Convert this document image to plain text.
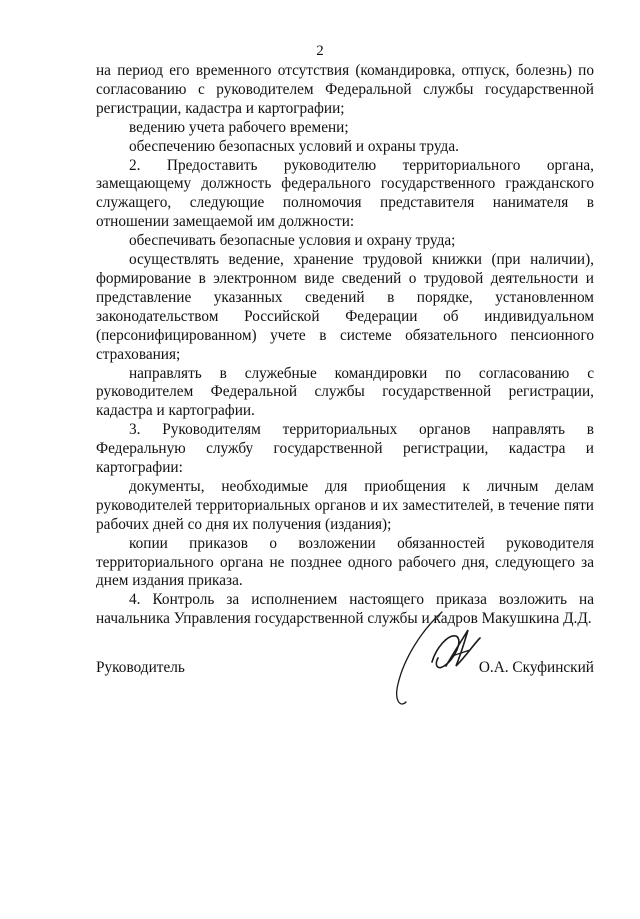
2

на период его временного отсутствия (командировка, отпуск, болезнь) по согласованию с руководителем Федеральной службы государственной регистрации, кадастра и картографии;

ведению учета рабочего времени;

обеспечению безопасных условий и охраны труда.

2. Предоставить руководителю территориального органа, замещающему должность федерального государственного гражданского служащего, следующие полномочия представителя нанимателя в отношении замещаемой им должности:

обеспечивать безопасные условия и охрану труда;

осуществлять ведение, хранение трудовой книжки (при наличии), формирование в электронном виде сведений о трудовой деятельности и представление указанных сведений в порядке, установленном законодательством Российской Федерации об индивидуальном (персонифицированном) учете в системе обязательного пенсионного страхования;

направлять в служебные командировки по согласованию с руководителем Федеральной службы государственной регистрации, кадастра и картографии.

3. Руководителям территориальных органов направлять в Федеральную службу государственной регистрации, кадастра и картографии:

документы, необходимые для приобщения к личным делам руководителей территориальных органов и их заместителей, в течение пяти рабочих дней со дня их получения (издания);

копии приказов о возложении обязанностей руководителя территориального органа не позднее одного рабочего дня, следующего за днем издания приказа.

4. Контроль за исполнением настоящего приказа возложить на начальника Управления государственной службы и кадров Макушкина Д.Д.

Руководитель	О.А. Скуфинский
